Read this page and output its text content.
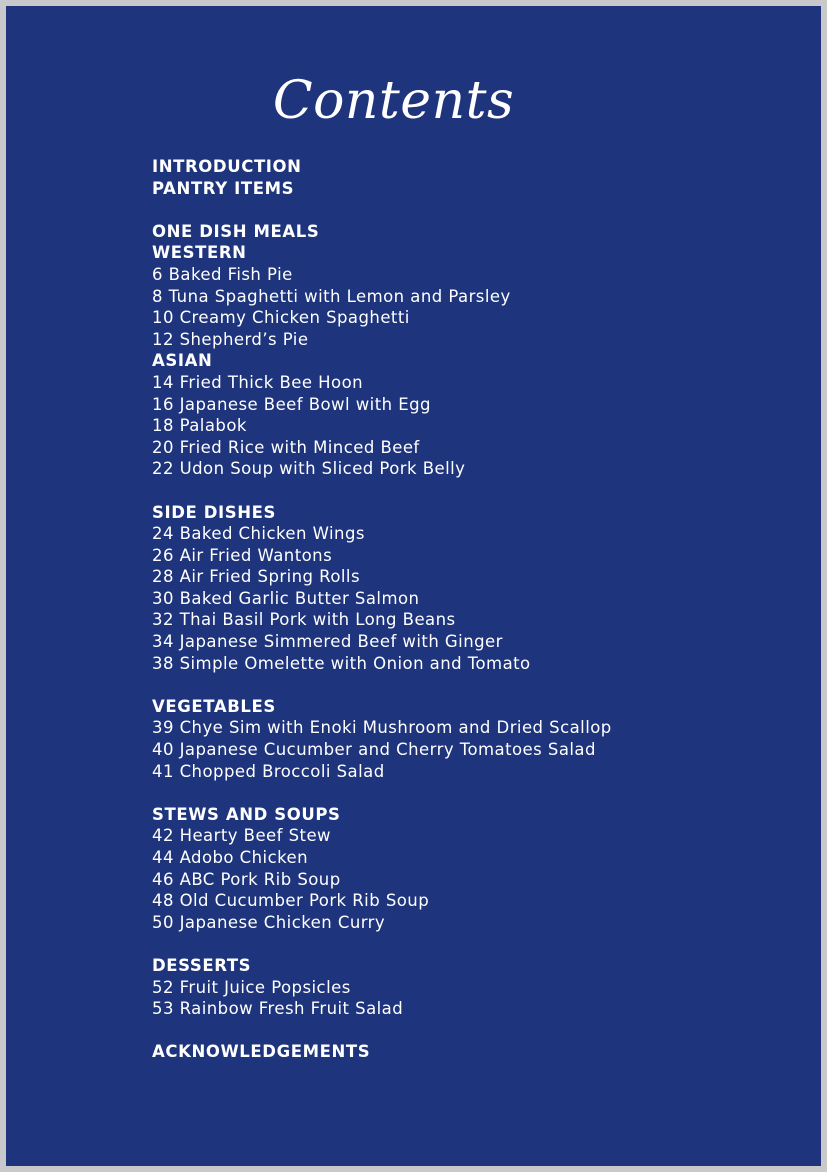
Contents
INTRODUCTION
PANTRY ITEMS
ONE DISH MEALS
WESTERN
6 Baked Fish Pie
8 Tuna Spaghetti with Lemon and Parsley
10 Creamy Chicken Spaghetti
12 Shepherd’s Pie
ASIAN
14 Fried Thick Bee Hoon
16 Japanese Beef Bowl with Egg
18 Palabok
20 Fried Rice with Minced Beef
22 Udon Soup with Sliced Pork Belly
SIDE DISHES
24 Baked Chicken Wings
26 Air Fried Wantons
28 Air Fried Spring Rolls
30 Baked Garlic Butter Salmon
32 Thai Basil Pork with Long Beans
34 Japanese Simmered Beef with Ginger
38 Simple Omelette with Onion and Tomato
VEGETABLES
39 Chye Sim with Enoki Mushroom and Dried Scallop
40 Japanese Cucumber and Cherry Tomatoes Salad
41 Chopped Broccoli Salad
STEWS AND SOUPS
42 Hearty Beef Stew
44 Adobo Chicken
46 ABC Pork Rib Soup
48 Old Cucumber Pork Rib Soup
50 Japanese Chicken Curry
DESSERTS
52 Fruit Juice Popsicles
53 Rainbow Fresh Fruit Salad
ACKNOWLEDGEMENTS
